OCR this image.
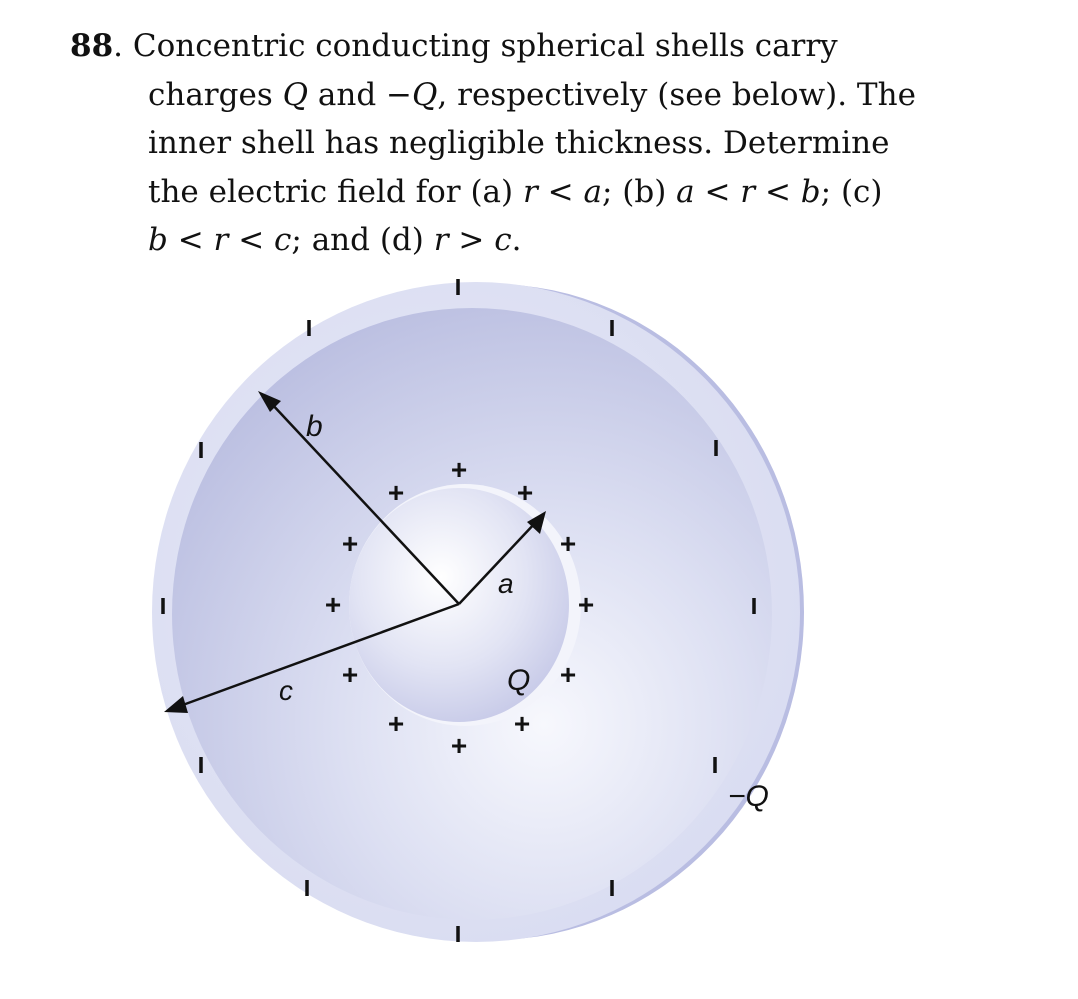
88. Concentric conducting spherical shells carry
charges Q and −Q, respectively (see below). The
inner shell has negligible thickness. Determine
the electric field for (a) r < a; (b) a < r < b; (c)
b < r < c; and (d) r > c.
b
a
c	Q
−Q
+
+	+
+	+
+	+
+	+
+	+
+
